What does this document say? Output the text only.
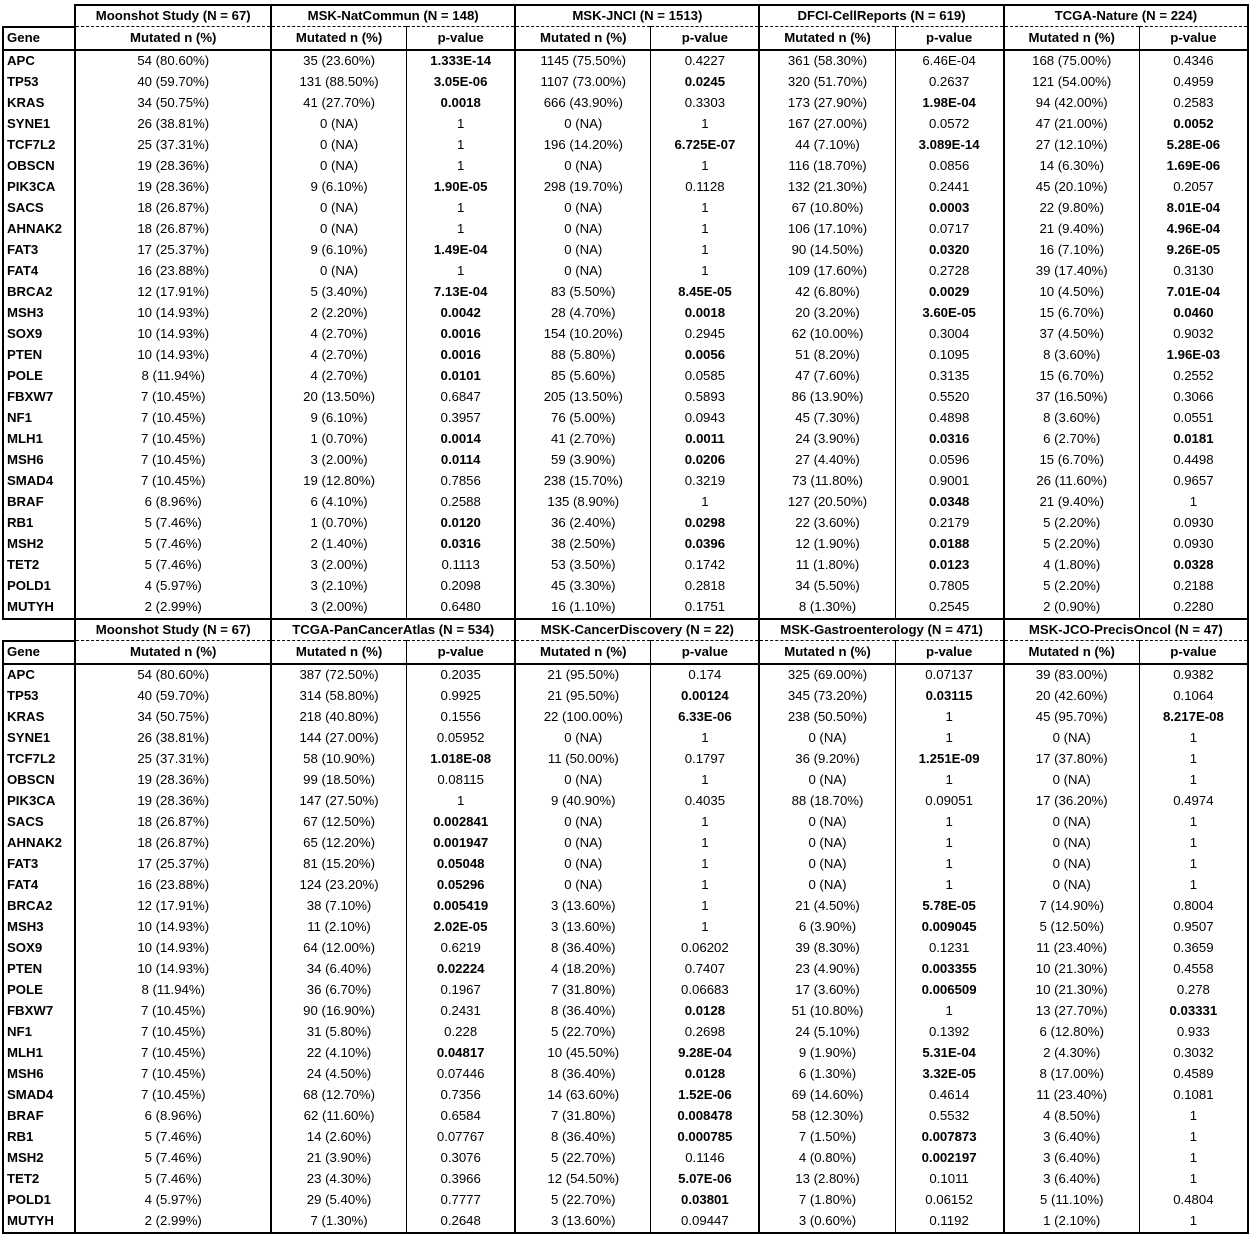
	Moonshot Study (N = 67)	MSK-NatCommun (N = 148)		MSK-JNCI (N = 1513)		DFCI-CellReports (N = 619)		TCGA-Nature (N = 224)	
Gene	Mutated n (%)	Mutated n (%)	p-value	Mutated n (%)	p-value	Mutated n (%)	p-value	Mutated n (%)	p-value
APC	54 (80.60%)	35 (23.60%)	1.333E-14	1145 (75.50%)	0.4227	361 (58.30%)	6.46E-04	168 (75.00%)	0.4346
TP53	40 (59.70%)	131 (88.50%)	3.05E-06	1107 (73.00%)	0.0245	320 (51.70%)	0.2637	121 (54.00%)	0.4959
KRAS	34 (50.75%)	41 (27.70%)	0.0018	666 (43.90%)	0.3303	173 (27.90%)	1.98E-04	94 (42.00%)	0.2583
SYNE1	26 (38.81%)	0 (NA)	1	0 (NA)	1	167 (27.00%)	0.0572	47 (21.00%)	0.0052
TCF7L2	25 (37.31%)	0 (NA)	1	196 (14.20%)	6.725E-07	44 (7.10%)	3.089E-14	27 (12.10%)	5.28E-06
OBSCN	19 (28.36%)	0 (NA)	1	0 (NA)	1	116 (18.70%)	0.0856	14 (6.30%)	1.69E-06
PIK3CA	19 (28.36%)	9 (6.10%)	1.90E-05	298 (19.70%)	0.1128	132 (21.30%)	0.2441	45 (20.10%)	0.2057
SACS	18 (26.87%)	0 (NA)	1	0 (NA)	1	67 (10.80%)	0.0003	22 (9.80%)	8.01E-04
AHNAK2	18 (26.87%)	0 (NA)	1	0 (NA)	1	106 (17.10%)	0.0717	21 (9.40%)	4.96E-04
FAT3	17 (25.37%)	9 (6.10%)	1.49E-04	0 (NA)	1	90 (14.50%)	0.0320	16 (7.10%)	9.26E-05
FAT4	16 (23.88%)	0 (NA)	1	0 (NA)	1	109 (17.60%)	0.2728	39 (17.40%)	0.3130
BRCA2	12 (17.91%)	5 (3.40%)	7.13E-04	83 (5.50%)	8.45E-05	42 (6.80%)	0.0029	10 (4.50%)	7.01E-04
MSH3	10 (14.93%)	2 (2.20%)	0.0042	28 (4.70%)	0.0018	20 (3.20%)	3.60E-05	15 (6.70%)	0.0460
SOX9	10 (14.93%)	4 (2.70%)	0.0016	154 (10.20%)	0.2945	62 (10.00%)	0.3004	37 (4.50%)	0.9032
PTEN	10 (14.93%)	4 (2.70%)	0.0016	88 (5.80%)	0.0056	51 (8.20%)	0.1095	8 (3.60%)	1.96E-03
POLE	8 (11.94%)	4 (2.70%)	0.0101	85 (5.60%)	0.0585	47 (7.60%)	0.3135	15 (6.70%)	0.2552
FBXW7	7 (10.45%)	20 (13.50%)	0.6847	205 (13.50%)	0.5893	86 (13.90%)	0.5520	37 (16.50%)	0.3066
NF1	7 (10.45%)	9 (6.10%)	0.3957	76 (5.00%)	0.0943	45 (7.30%)	0.4898	8 (3.60%)	0.0551
MLH1	7 (10.45%)	1 (0.70%)	0.0014	41 (2.70%)	0.0011	24 (3.90%)	0.0316	6 (2.70%)	0.0181
MSH6	7 (10.45%)	3 (2.00%)	0.0114	59 (3.90%)	0.0206	27 (4.40%)	0.0596	15 (6.70%)	0.4498
SMAD4	7 (10.45%)	19 (12.80%)	0.7856	238 (15.70%)	0.3219	73 (11.80%)	0.9001	26 (11.60%)	0.9657
BRAF	6 (8.96%)	6 (4.10%)	0.2588	135 (8.90%)	1	127 (20.50%)	0.0348	21 (9.40%)	1
RB1	5 (7.46%)	1 (0.70%)	0.0120	36 (2.40%)	0.0298	22 (3.60%)	0.2179	5 (2.20%)	0.0930
MSH2	5 (7.46%)	2 (1.40%)	0.0316	38 (2.50%)	0.0396	12 (1.90%)	0.0188	5 (2.20%)	0.0930
TET2	5 (7.46%)	3 (2.00%)	0.1113	53 (3.50%)	0.1742	11 (1.80%)	0.0123	4 (1.80%)	0.0328
POLD1	4 (5.97%)	3 (2.10%)	0.2098	45 (3.30%)	0.2818	34 (5.50%)	0.7805	5 (2.20%)	0.2188
MUTYH	2 (2.99%)	3 (2.00%)	0.6480	16 (1.10%)	0.1751	8 (1.30%)	0.2545	2 (0.90%)	0.2280
	Moonshot Study (N = 67)	TCGA-PanCancerAtlas (N = 534)		MSK-CancerDiscovery (N = 22)		MSK-Gastroenterology (N = 471)		MSK-JCO-PrecisOncol (N = 47)	
Gene	Mutated n (%)	Mutated n (%)	p-value	Mutated n (%)	p-value	Mutated n (%)	p-value	Mutated n (%)	p-value
APC	54 (80.60%)	387 (72.50%)	0.2035	21 (95.50%)	0.174	325 (69.00%)	0.07137	39 (83.00%)	0.9382
TP53	40 (59.70%)	314 (58.80%)	0.9925	21 (95.50%)	0.00124	345 (73.20%)	0.03115	20 (42.60%)	0.1064
KRAS	34 (50.75%)	218 (40.80%)	0.1556	22 (100.00%)	6.33E-06	238 (50.50%)	1	45 (95.70%)	8.217E-08
SYNE1	26 (38.81%)	144 (27.00%)	0.05952	0 (NA)	1	0 (NA)	1	0 (NA)	1
TCF7L2	25 (37.31%)	58 (10.90%)	1.018E-08	11 (50.00%)	0.1797	36 (9.20%)	1.251E-09	17 (37.80%)	1
OBSCN	19 (28.36%)	99 (18.50%)	0.08115	0 (NA)	1	0 (NA)	1	0 (NA)	1
PIK3CA	19 (28.36%)	147 (27.50%)	1	9 (40.90%)	0.4035	88 (18.70%)	0.09051	17 (36.20%)	0.4974
SACS	18 (26.87%)	67 (12.50%)	0.002841	0 (NA)	1	0 (NA)	1	0 (NA)	1
AHNAK2	18 (26.87%)	65 (12.20%)	0.001947	0 (NA)	1	0 (NA)	1	0 (NA)	1
FAT3	17 (25.37%)	81 (15.20%)	0.05048	0 (NA)	1	0 (NA)	1	0 (NA)	1
FAT4	16 (23.88%)	124 (23.20%)	0.05296	0 (NA)	1	0 (NA)	1	0 (NA)	1
BRCA2	12 (17.91%)	38 (7.10%)	0.005419	3 (13.60%)	1	21 (4.50%)	5.78E-05	7 (14.90%)	0.8004
MSH3	10 (14.93%)	11 (2.10%)	2.02E-05	3 (13.60%)	1	6 (3.90%)	0.009045	5 (12.50%)	0.9507
SOX9	10 (14.93%)	64 (12.00%)	0.6219	8 (36.40%)	0.06202	39 (8.30%)	0.1231	11 (23.40%)	0.3659
PTEN	10 (14.93%)	34 (6.40%)	0.02224	4 (18.20%)	0.7407	23 (4.90%)	0.003355	10 (21.30%)	0.4558
POLE	8 (11.94%)	36 (6.70%)	0.1967	7 (31.80%)	0.06683	17 (3.60%)	0.006509	10 (21.30%)	0.278
FBXW7	7 (10.45%)	90 (16.90%)	0.2431	8 (36.40%)	0.0128	51 (10.80%)	1	13 (27.70%)	0.03331
NF1	7 (10.45%)	31 (5.80%)	0.228	5 (22.70%)	0.2698	24 (5.10%)	0.1392	6 (12.80%)	0.933
MLH1	7 (10.45%)	22 (4.10%)	0.04817	10 (45.50%)	9.28E-04	9 (1.90%)	5.31E-04	2 (4.30%)	0.3032
MSH6	7 (10.45%)	24 (4.50%)	0.07446	8 (36.40%)	0.0128	6 (1.30%)	3.32E-05	8 (17.00%)	0.4589
SMAD4	7 (10.45%)	68 (12.70%)	0.7356	14 (63.60%)	1.52E-06	69 (14.60%)	0.4614	11 (23.40%)	0.1081
BRAF	6 (8.96%)	62 (11.60%)	0.6584	7 (31.80%)	0.008478	58 (12.30%)	0.5532	4 (8.50%)	1
RB1	5 (7.46%)	14 (2.60%)	0.07767	8 (36.40%)	0.000785	7 (1.50%)	0.007873	3 (6.40%)	1
MSH2	5 (7.46%)	21 (3.90%)	0.3076	5 (22.70%)	0.1146	4 (0.80%)	0.002197	3 (6.40%)	1
TET2	5 (7.46%)	23 (4.30%)	0.3966	12 (54.50%)	5.07E-06	13 (2.80%)	0.1011	3 (6.40%)	1
POLD1	4 (5.97%)	29 (5.40%)	0.7777	5 (22.70%)	0.03801	7 (1.80%)	0.06152	5 (11.10%)	0.4804
MUTYH	2 (2.99%)	7 (1.30%)	0.2648	3 (13.60%)	0.09447	3 (0.60%)	0.1192	1 (2.10%)	1
